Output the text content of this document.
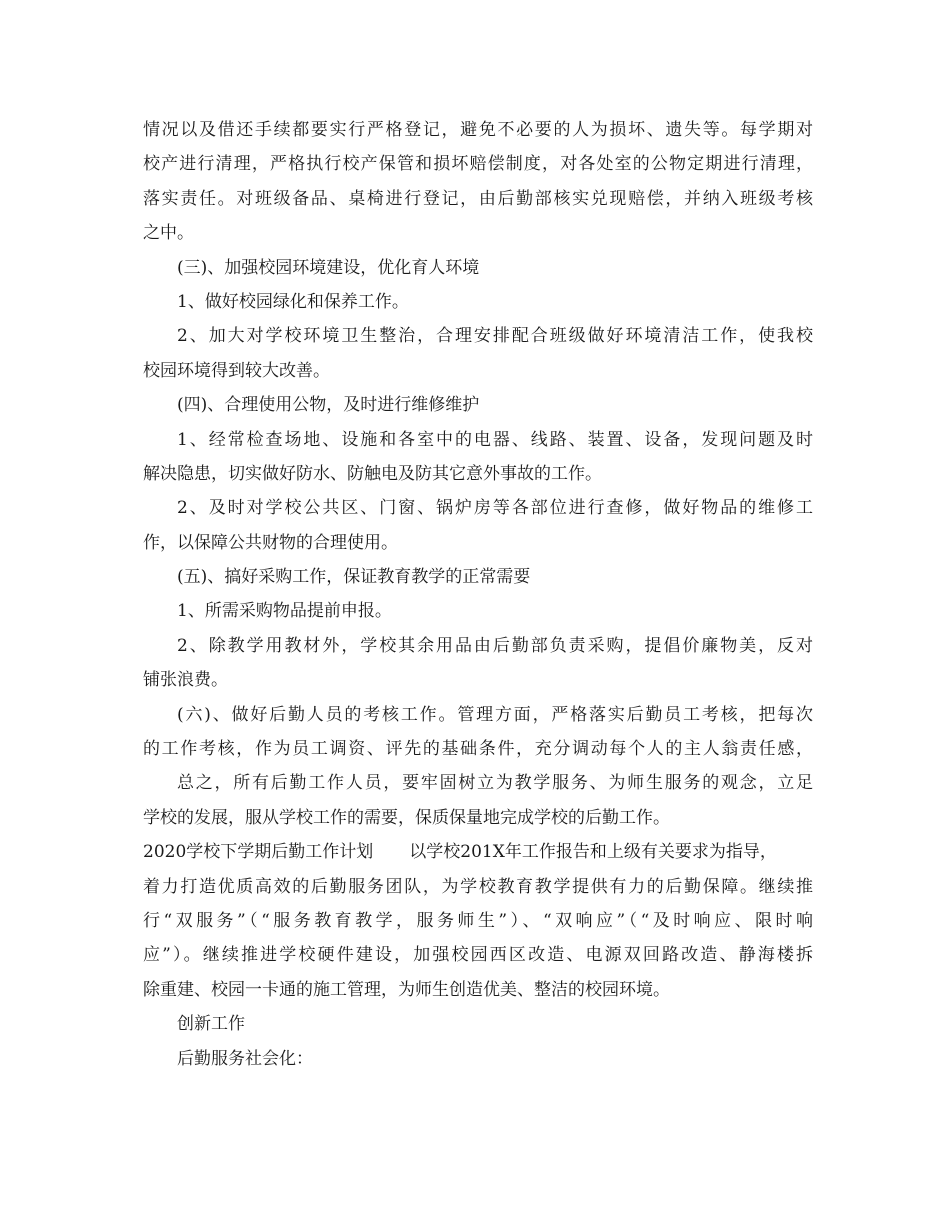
情况以及借还手续都要实行严格登记，避免不必要的人为损坏、遗失等。每学期对
校产进行清理，严格执行校产保管和损坏赔偿制度，对各处室的公物定期进行清理，
落实责任。对班级备品、桌椅进行登记，由后勤部核实兑现赔偿，并纳入班级考核
之中。
(三)、加强校园环境建设，优化育人环境
1、做好校园绿化和保养工作。
2、加大对学校环境卫生整治，合理安排配合班级做好环境清洁工作，使我校
校园环境得到较大改善。
(四)、合理使用公物，及时进行维修维护
1、经常检查场地、设施和各室中的电器、线路、装置、设备，发现问题及时
解决隐患，切实做好防水、防触电及防其它意外事故的工作。
2、及时对学校公共区、门窗、锅炉房等各部位进行查修，做好物品的维修工
作，以保障公共财物的合理使用。
(五)、搞好采购工作，保证教育教学的正常需要
1、所需采购物品提前申报。
2、除教学用教材外，学校其余用品由后勤部负责采购，提倡价廉物美，反对
铺张浪费。
(六)、做好后勤人员的考核工作。管理方面，严格落实后勤员工考核，把每次
的工作考核，作为员工调资、评先的基础条件，充分调动每个人的主人翁责任感，
总之，所有后勤工作人员，要牢固树立为教学服务、为师生服务的观念，立足
学校的发展，服从学校工作的需要，保质保量地完成学校的后勤工作。
2020学校下学期后勤工作计划 以学校201X年工作报告和上级有关要求为指导，
着力打造优质高效的后勤服务团队，为学校教育教学提供有力的后勤保障。继续推
行“双服务”（“服务教育教学，服务师生”）、“双响应”（“及时响应、限时响
应”）。继续推进学校硬件建设，加强校园西区改造、电源双回路改造、静海楼拆
除重建、校园一卡通的施工管理，为师生创造优美、整洁的校园环境。
创新工作
后勤服务社会化：
